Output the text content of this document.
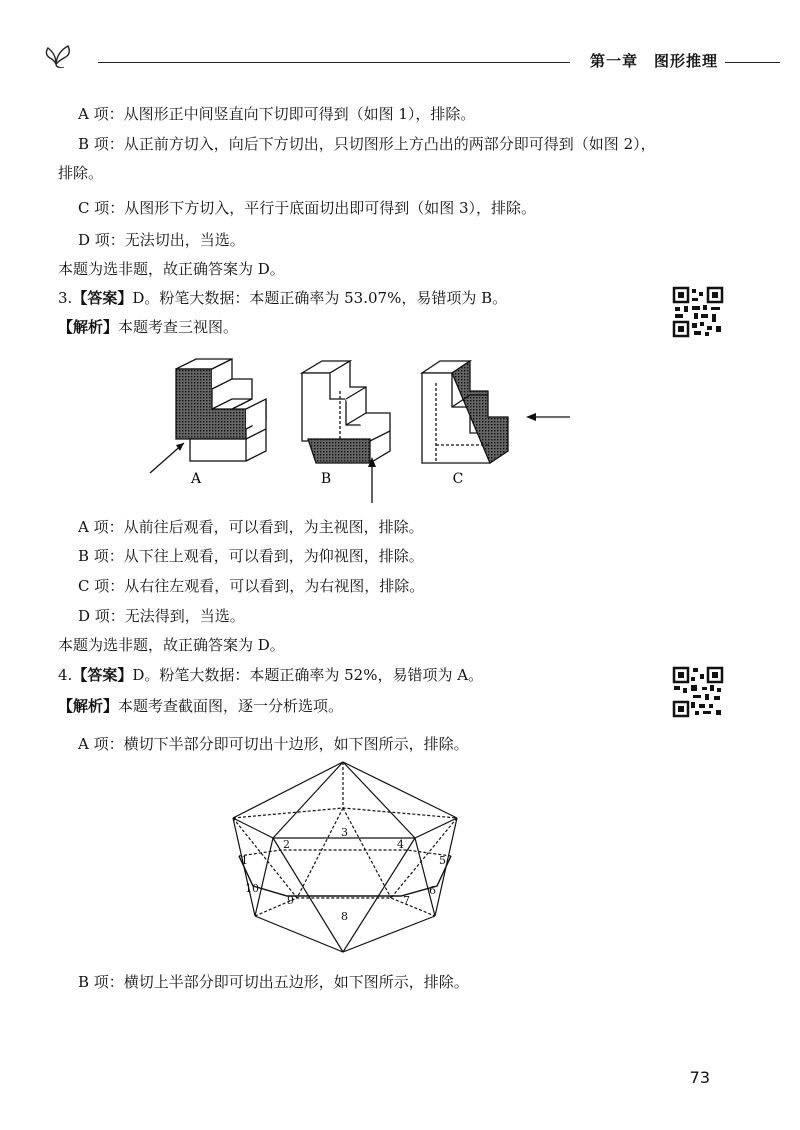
第一章　图形推理
A 项：从图形正中间竖直向下切即可得到（如图 1），排除。
B 项：从正前方切入，向后下方切出，只切图形上方凸出的两部分即可得到（如图 2），排除。
C 项：从图形下方切入，平行于底面切出即可得到（如图 3），排除。
D 项：无法切出，当选。
本题为选非题，故正确答案为 D。
3.【答案】D。粉笔大数据：本题正确率为 53.07%，易错项为 B。
【解析】本题考查三视图。
A	B	C
A 项：从前往后观看，可以看到，为主视图，排除。
B 项：从下往上观看，可以看到，为仰视图，排除。
C 项：从右往左观看，可以看到，为右视图，排除。
D 项：无法得到，当选。
本题为选非题，故正确答案为 D。
4.【答案】D。粉笔大数据：本题正确率为 52%，易错项为 A。
【解析】本题考查截面图，逐一分析选项。
A 项：横切下半部分即可切出十边形，如下图所示，排除。
1
2
3
4
5
6
7
8
9
10
B 项：横切上半部分即可切出五边形，如下图所示，排除。
73
